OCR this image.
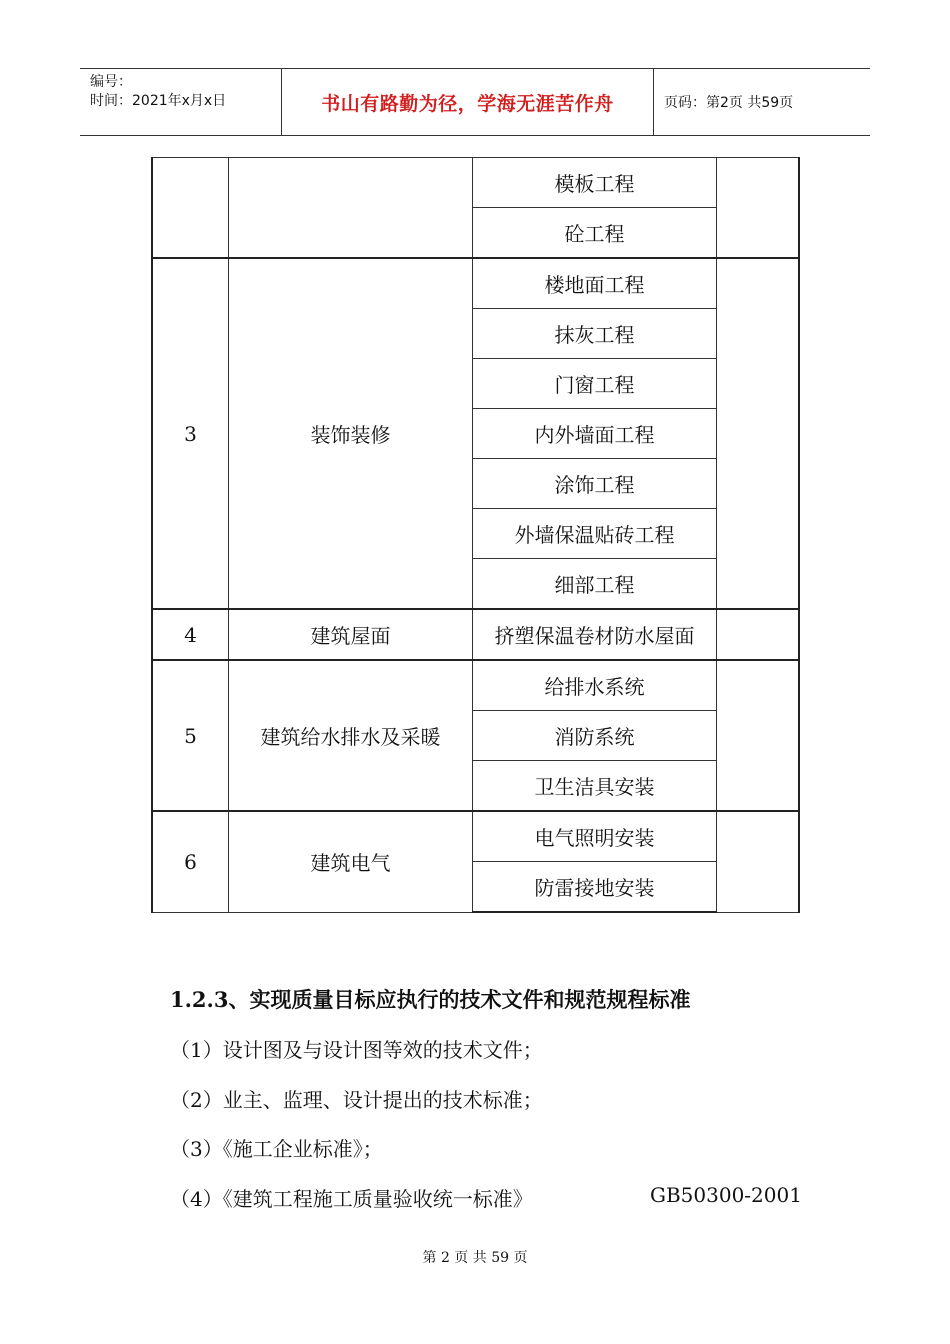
编号：
时间：2021年x月x日	书山有路勤为径，学海无涯苦作舟	页码：第2页 共59页
		模板工程	
		砼工程	
3	装饰装修	楼地面工程	
		抹灰工程	
		门窗工程	
		内外墙面工程	
		涂饰工程	
		外墙保温贴砖工程	
		细部工程	
4	建筑屋面	挤塑保温卷材防水屋面	
5	建筑给水排水及采暖	给排水系统	
		消防系统	
		卫生洁具安装	
6	建筑电气	电气照明安装	
		防雷接地安装	
1.2.3、实现质量目标应执行的技术文件和规范规程标准
（1）设计图及与设计图等效的技术文件；
（2）业主、监理、设计提出的技术标准；
（3）《施工企业标准》；
（4）《建筑工程施工质量验收统一标准》	GB50300-2001
第 2 页 共 59 页
